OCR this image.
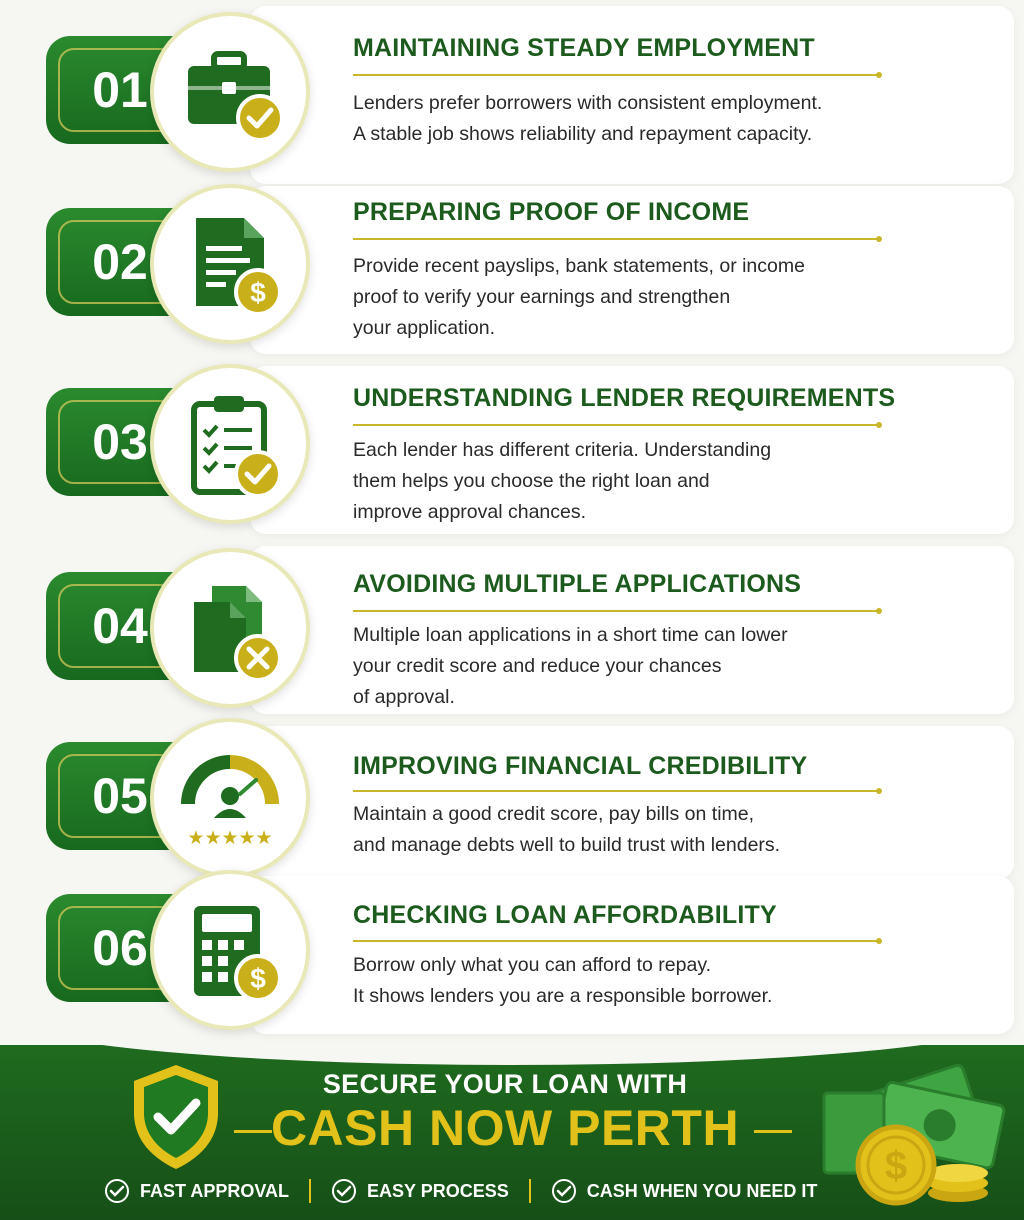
01
MAINTAINING STEADY EMPLOYMENT
Lenders prefer borrowers with consistent employment.
A stable job shows reliability and repayment capacity.
02
$
PREPARING PROOF OF INCOME
Provide recent payslips, bank statements, or income
proof to verify your earnings and strengthen
your application.
03
UNDERSTANDING LENDER REQUIREMENTS
Each lender has different criteria. Understanding
them helps you choose the right loan and
improve approval chances.
04
AVOIDING MULTIPLE APPLICATIONS
Multiple loan applications in a short time can lower
your credit score and reduce your chances
of approval.
05
★★★★★
IMPROVING FINANCIAL CREDIBILITY
Maintain a good credit score, pay bills on time,
and manage debts well to build trust with lenders.
06
$
CHECKING LOAN AFFORDABILITY
Borrow only what you can afford to repay.
It shows lenders you are a responsible borrower.
SECURE YOUR LOAN WITH
CASH NOW PERTH
FAST APPROVAL	EASY PROCESS	CASH WHEN YOU NEED IT
$
